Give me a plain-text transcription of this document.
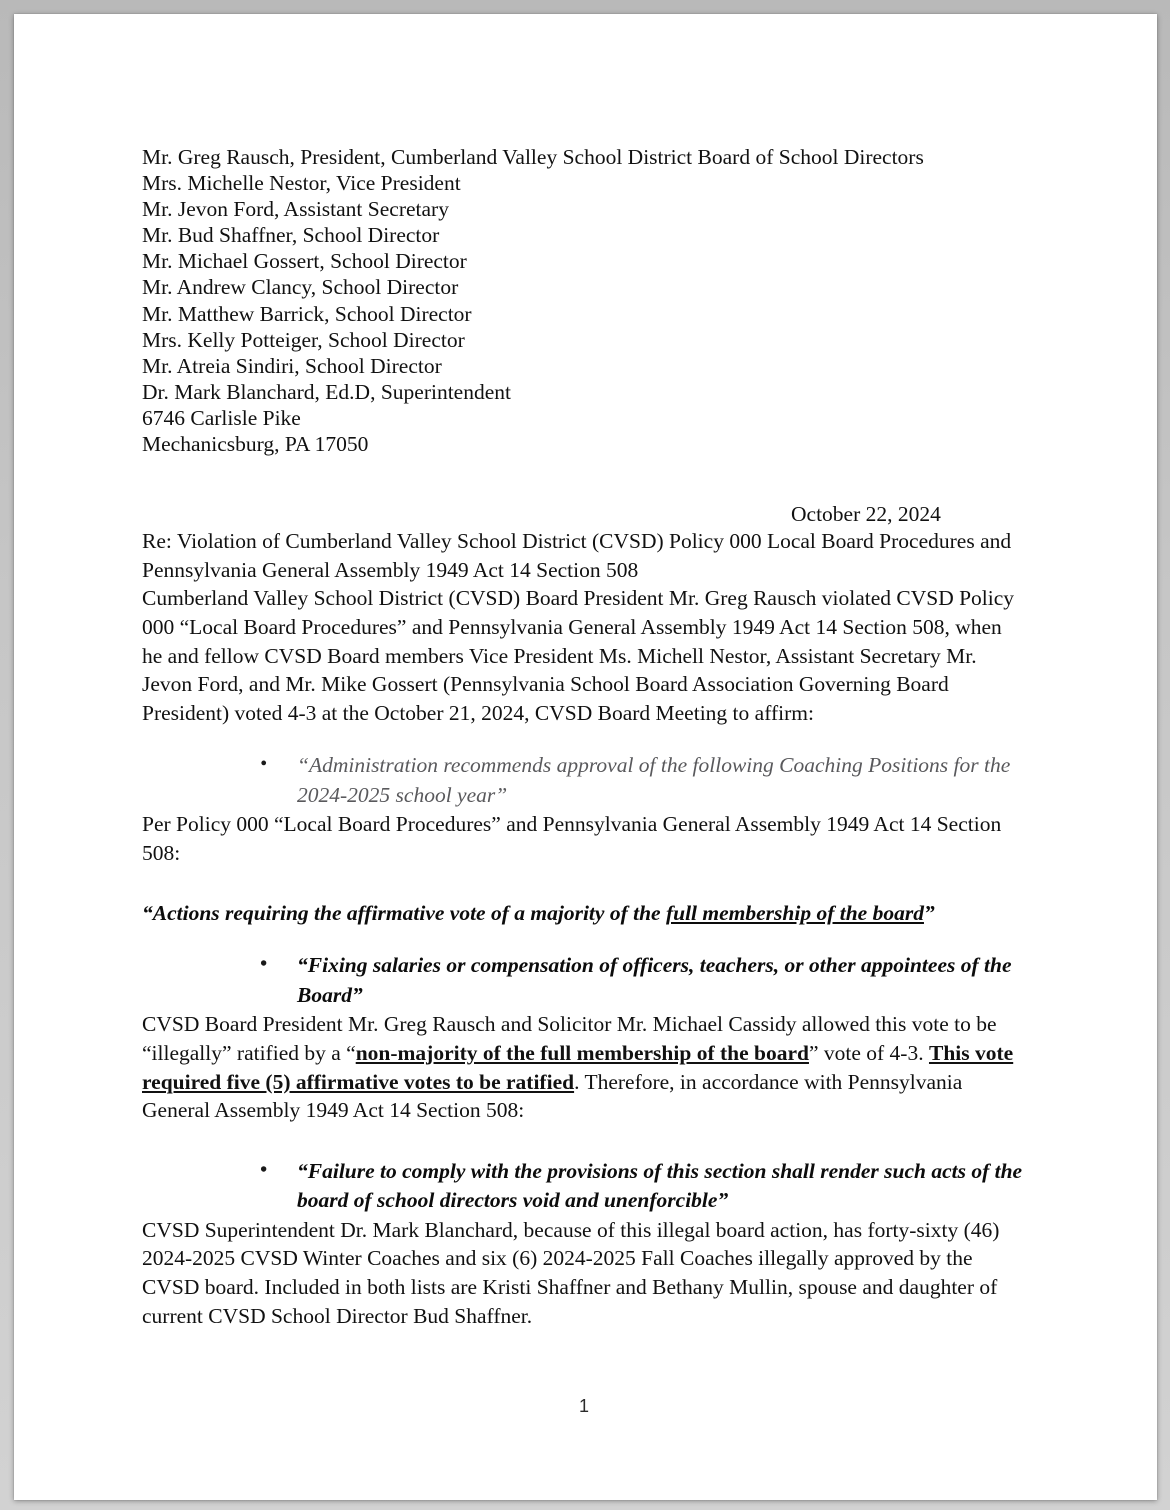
Mr. Greg Rausch, President, Cumberland Valley School District Board of School Directors
Mrs. Michelle Nestor, Vice President
Mr. Jevon Ford, Assistant Secretary
Mr. Bud Shaffner, School Director
Mr. Michael Gossert, School Director
Mr. Andrew Clancy, School Director
Mr. Matthew Barrick, School Director
Mrs. Kelly Potteiger, School Director
Mr. Atreia Sindiri, School Director
Dr. Mark Blanchard, Ed.D, Superintendent
6746 Carlisle Pike
Mechanicsburg, PA 17050
October 22, 2024

Re: Violation of Cumberland Valley School District (CVSD) Policy 000 Local Board Procedures and Pennsylvania General Assembly 1949 Act 14 Section 508

Cumberland Valley School District (CVSD) Board President Mr. Greg Rausch violated CVSD Policy 000 “Local Board Procedures” and Pennsylvania General Assembly 1949 Act 14 Section 508, when he and fellow CVSD Board members Vice President Ms. Michell Nestor, Assistant Secretary Mr. Jevon Ford, and Mr. Mike Gossert (Pennsylvania School Board Association Governing Board President) voted 4-3 at the October 21, 2024, CVSD Board Meeting to affirm:

• “Administration recommends approval of the following Coaching Positions for the 2024-2025 school year”

Per Policy 000 “Local Board Procedures” and Pennsylvania General Assembly 1949 Act 14 Section 508:

“Actions requiring the affirmative vote of a majority of the full membership of the board”
• “Fixing salaries or compensation of officers, teachers, or other appointees of the Board”

CVSD Board President Mr. Greg Rausch and Solicitor Mr. Michael Cassidy allowed this vote to be “illegally” ratified by a “non-majority of the full membership of the board” vote of 4-3. This vote required five (5) affirmative votes to be ratified. Therefore, in accordance with Pennsylvania General Assembly 1949 Act 14 Section 508:

• “Failure to comply with the provisions of this section shall render such acts of the board of school directors void and unenforcible”

CVSD Superintendent Dr. Mark Blanchard, because of this illegal board action, has forty-sixty (46) 2024-2025 CVSD Winter Coaches and six (6) 2024-2025 Fall Coaches illegally approved by the CVSD board. Included in both lists are Kristi Shaffner and Bethany Mullin, spouse and daughter of current CVSD School Director Bud Shaffner.

1
